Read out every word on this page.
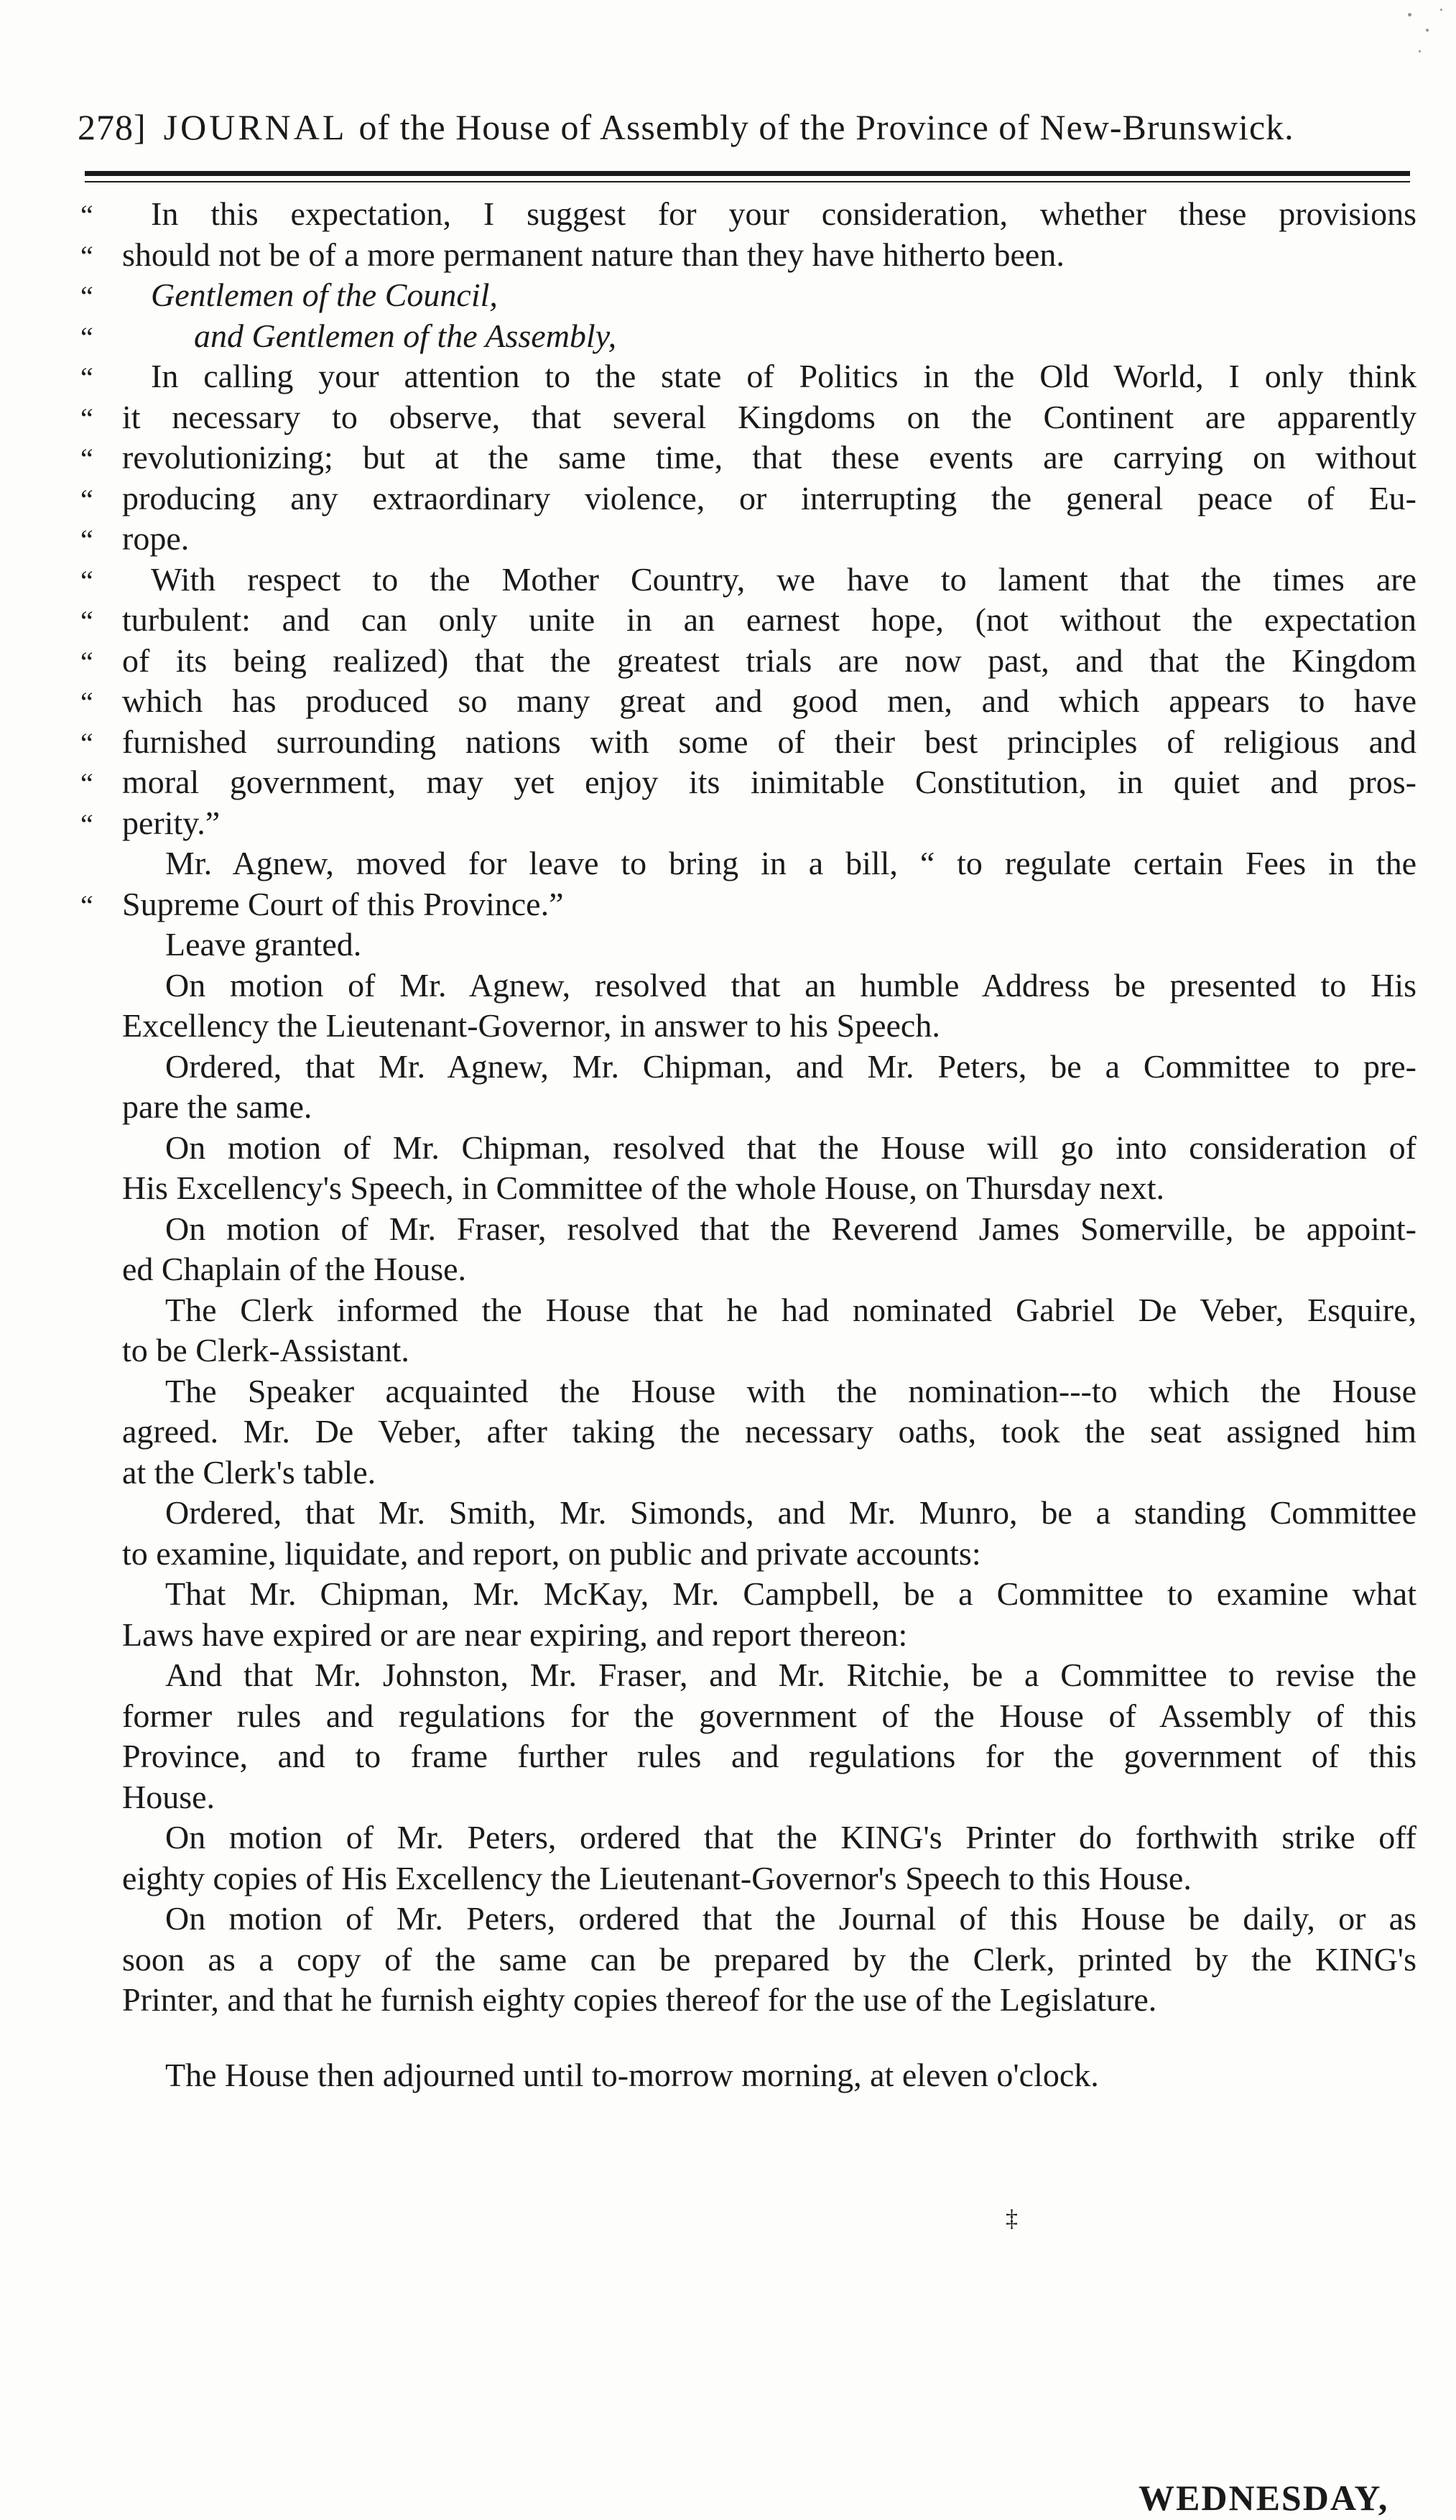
278] JOURNAL of the House of Assembly of the Province of New-Brunswick.
“	In this expectation, I suggest for your consideration, whether these provisions
“ should not be of a more permanent nature than they have hitherto been.
“	Gentlemen of the Council,
“	and Gentlemen of the Assembly,
“	In calling your attention to the state of Politics in the Old World, I only think
“ it necessary to observe, that several Kingdoms on the Continent are apparently
“ revolutionizing; but at the same time, that these events are carrying on without
“ producing any extraordinary violence, or interrupting the general peace of Eu-
“ rope.
“	With respect to the Mother Country, we have to lament that the times are
“ turbulent: and can only unite in an earnest hope, (not without the expectation
“ of its being realized) that the greatest trials are now past, and that the Kingdom
“ which has produced so many great and good men, and which appears to have
“ furnished surrounding nations with some of their best principles of religious and
“ moral government, may yet enjoy its inimitable Constitution, in quiet and pros-
“ perity.”
Mr. Agnew, moved for leave to bring in a bill, “ to regulate certain Fees in the
“ Supreme Court of this Province.”
Leave granted.
On motion of Mr. Agnew, resolved that an humble Address be presented to His
Excellency the Lieutenant-Governor, in answer to his Speech.
Ordered, that Mr. Agnew, Mr. Chipman, and Mr. Peters, be a Committee to pre-
pare the same.
On motion of Mr. Chipman, resolved that the House will go into consideration of
His Excellency's Speech, in Committee of the whole House, on Thursday next.
On motion of Mr. Fraser, resolved that the Reverend James Somerville, be appoint-
ed Chaplain of the House.
The Clerk informed the House that he had nominated Gabriel De Veber, Esquire,
to be Clerk-Assistant.
The Speaker acquainted the House with the nomination---to which the House
agreed. Mr. De Veber, after taking the necessary oaths, took the seat assigned him
at the Clerk's table.
Ordered, that Mr. Smith, Mr. Simonds, and Mr. Munro, be a standing Committee
to examine, liquidate, and report, on public and private accounts:
That Mr. Chipman, Mr. McKay, Mr. Campbell, be a Committee to examine what
Laws have expired or are near expiring, and report thereon:
And that Mr. Johnston, Mr. Fraser, and Mr. Ritchie, be a Committee to revise the
former rules and regulations for the government of the House of Assembly of this
Province, and to frame further rules and regulations for the government of this
House.
On motion of Mr. Peters, ordered that the KING's Printer do forthwith strike off
eighty copies of His Excellency the Lieutenant-Governor's Speech to this House.
On motion of Mr. Peters, ordered that the Journal of this House be daily, or as
soon as a copy of the same can be prepared by the Clerk, printed by the KING's
Printer, and that he furnish eighty copies thereof for the use of the Legislature.
The House then adjourned until to-morrow morning, at eleven o'clock.
‡
WEDNESDAY,
